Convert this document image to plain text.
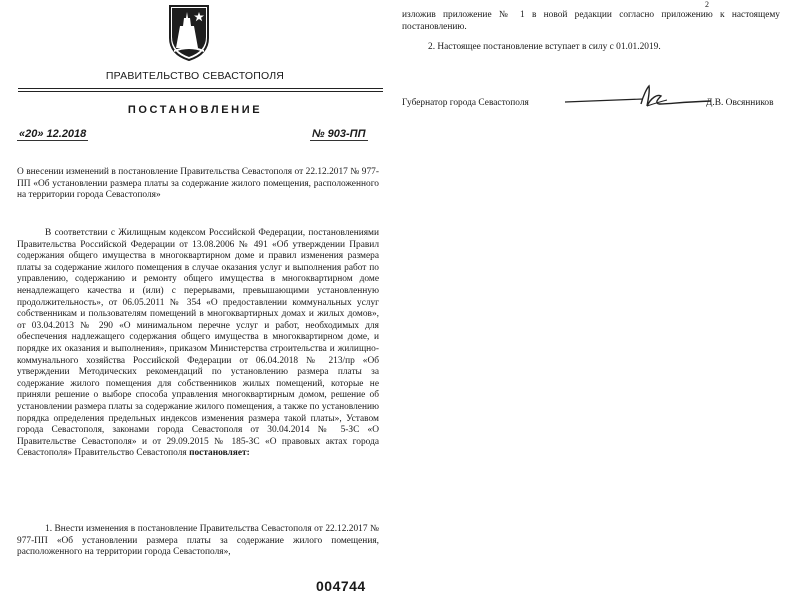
ПРАВИТЕЛЬСТВО СЕВАСТОПОЛЯ
ПОСТАНОВЛЕНИЕ
«20» 12.2018	№ 903-ПП
О внесении изменений в постановление Правительства Севастополя от 22.12.2017 № 977-ПП «Об установлении размера платы за содержание жилого помещения, расположенного на территории города Севастополя»

В соответствии с Жилищным кодексом Российской Федерации, постановлениями Правительства Российской Федерации от 13.08.2006 № 491 «Об утверждении Правил содержания общего имущества в многоквартирном доме и правил изменения размера платы за содержание жилого помещения в случае оказания услуг и выполнения работ по управлению, содержанию и ремонту общего имущества в многоквартирном доме ненадлежащего качества и (или) с перерывами, превышающими установленную продолжительность», от 06.05.2011 № 354 «О предоставлении коммунальных услуг собственникам и пользователям помещений в многоквартирных домах и жилых домов», от 03.04.2013 № 290 «О минимальном перечне услуг и работ, необходимых для обеспечения надлежащего содержания общего имущества в многоквартирном доме, и порядке их оказания и выполнения», приказом Министерства строительства и жилищно-коммунального хозяйства Российской Федерации от 06.04.2018 № 213/пр «Об утверждении Методических рекомендаций по установлению размера платы за содержание жилого помещения для собственников жилых помещений, которые не приняли решение о выборе способа управления многоквартирным домом, решение об установлении размера платы за содержание жилого помещения, а также по установлению порядка определения предельных индексов изменения размера такой платы», Уставом города Севастополя, законами города Севастополя от 30.04.2014 № 5-ЗС «О Правительстве Севастополя» и от 29.09.2015 № 185-ЗС «О правовых актах города Севастополя» Правительство Севастополя постановляет:

1. Внести изменения в постановление Правительства Севастополя от 22.12.2017 № 977-ПП «Об установлении размера платы за содержание жилого помещения, расположенного на территории города Севастополя»,

004744
2
изложив приложение № 1 в новой редакции согласно приложению к настоящему постановлению.

2. Настоящее постановление вступает в силу с 01.01.2019.

Губернатор города Севастополя	Д.В. Овсянников
